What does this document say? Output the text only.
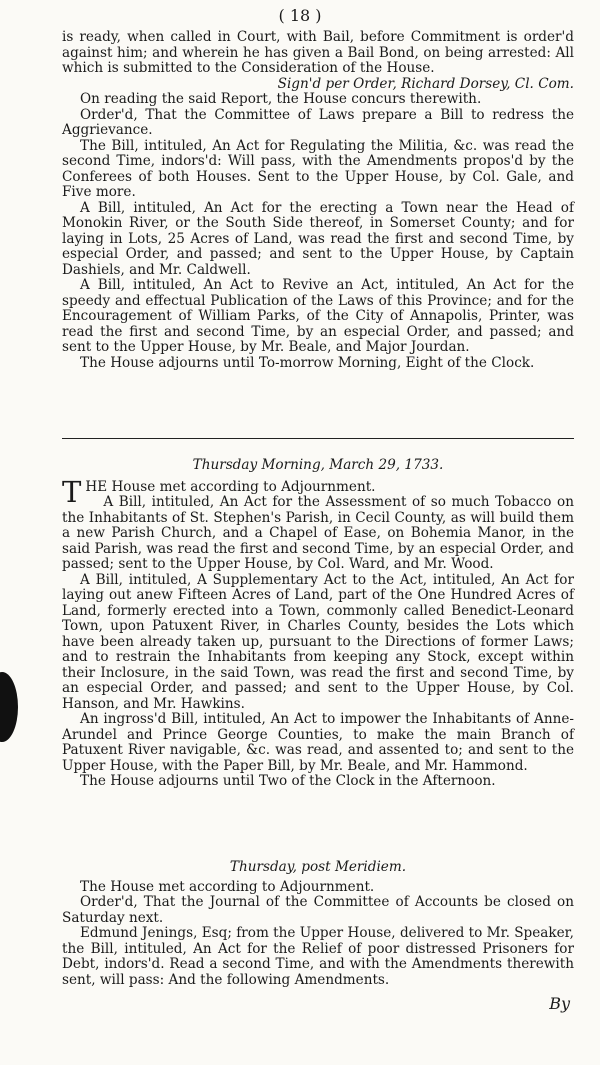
( 18 )

is ready, when called in Court, with Bail, before Commitment is order'd against him; and wherein he has given a Bail Bond, on being arrested: All which is submitted to the Consideration of the House.

Sign'd per Order, Richard Dorsey, Cl. Com.

On reading the said Report, the House concurs therewith.

Order'd, That the Committee of Laws prepare a Bill to redress the Aggrievance.

The Bill, intituled, An Act for Regulating the Militia, &c. was read the second Time, indors'd: Will pass, with the Amendments propos'd by the Conferees of both Houses. Sent to the Upper House, by Col. Gale, and Five more.

A Bill, intituled, An Act for the erecting a Town near the Head of Monokin River, or the South Side thereof, in Somerset County; and for laying in Lots, 25 Acres of Land, was read the first and second Time, by especial Order, and passed; and sent to the Upper House, by Captain Dashiels, and Mr. Caldwell.

A Bill, intituled, An Act to Revive an Act, intituled, An Act for the speedy and effectual Publication of the Laws of this Province; and for the Encouragement of William Parks, of the City of Annapolis, Printer, was read the first and second Time, by an especial Order, and passed; and sent to the Upper House, by Mr. Beale, and Major Jourdan.

The House adjourns until To-morrow Morning, Eight of the Clock.

Thursday Morning, March 29, 1733.

THE House met according to Adjournment.

A Bill, intituled, An Act for the Assessment of so much Tobacco on the Inhabitants of St. Stephen's Parish, in Cecil County, as will build them a new Parish Church, and a Chapel of Ease, on Bohemia Manor, in the said Parish, was read the first and second Time, by an especial Order, and passed; sent to the Upper House, by Col. Ward, and Mr. Wood.

A Bill, intituled, A Supplementary Act to the Act, intituled, An Act for laying out anew Fifteen Acres of Land, part of the One Hundred Acres of Land, formerly erected into a Town, commonly called Benedict-Leonard Town, upon Patuxent River, in Charles County, besides the Lots which have been already taken up, pursuant to the Directions of former Laws; and to restrain the Inhabitants from keeping any Stock, except within their Inclosure, in the said Town, was read the first and second Time, by an especial Order, and passed; and sent to the Upper House, by Col. Hanson, and Mr. Hawkins.

An ingross'd Bill, intituled, An Act to impower the Inhabitants of Anne-Arundel and Prince George Counties, to make the main Branch of Patuxent River navigable, &c. was read, and assented to; and sent to the Upper House, with the Paper Bill, by Mr. Beale, and Mr. Hammond.

The House adjourns until Two of the Clock in the Afternoon.

Thursday, post Meridiem.

The House met according to Adjournment.

Order'd, That the Journal of the Committee of Accounts be closed on Saturday next.

Edmund Jenings, Esq; from the Upper House, delivered to Mr. Speaker, the Bill, intituled, An Act for the Relief of poor distressed Prisoners for Debt, indors'd. Read a second Time, and with the Amendments therewith sent, will pass: And the following Amendments.

By
